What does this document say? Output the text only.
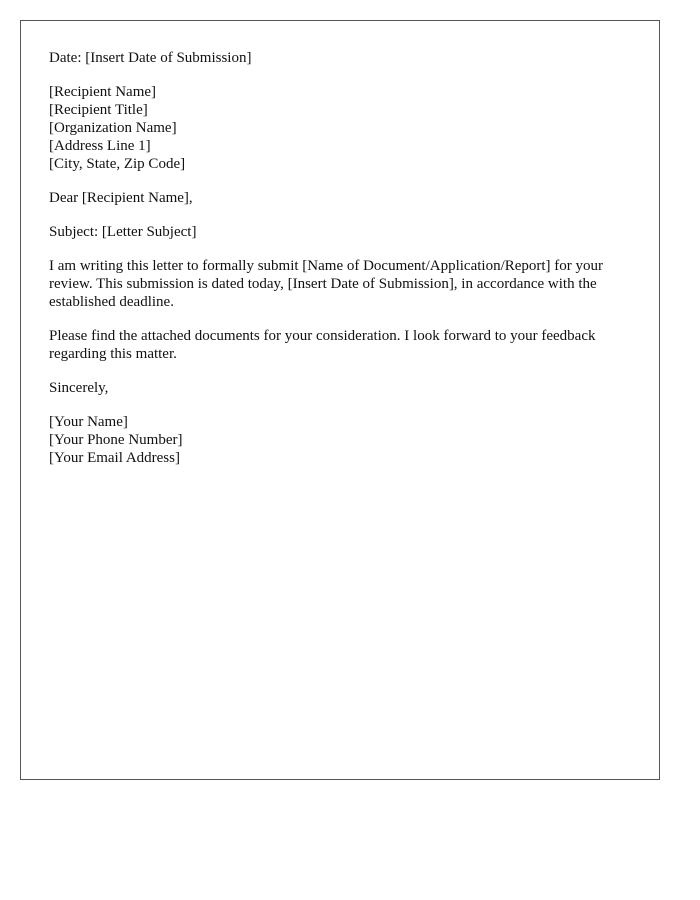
Date: [Insert Date of Submission]

[Recipient Name]
[Recipient Title]
[Organization Name]
[Address Line 1]
[City, State, Zip Code]

Dear [Recipient Name],

Subject: [Letter Subject]

I am writing this letter to formally submit [Name of Document/Application/Report] for your review. This submission is dated today, [Insert Date of Submission], in accordance with the established deadline.

Please find the attached documents for your consideration. I look forward to your feedback regarding this matter.

Sincerely,

[Your Name]
[Your Phone Number]
[Your Email Address]
